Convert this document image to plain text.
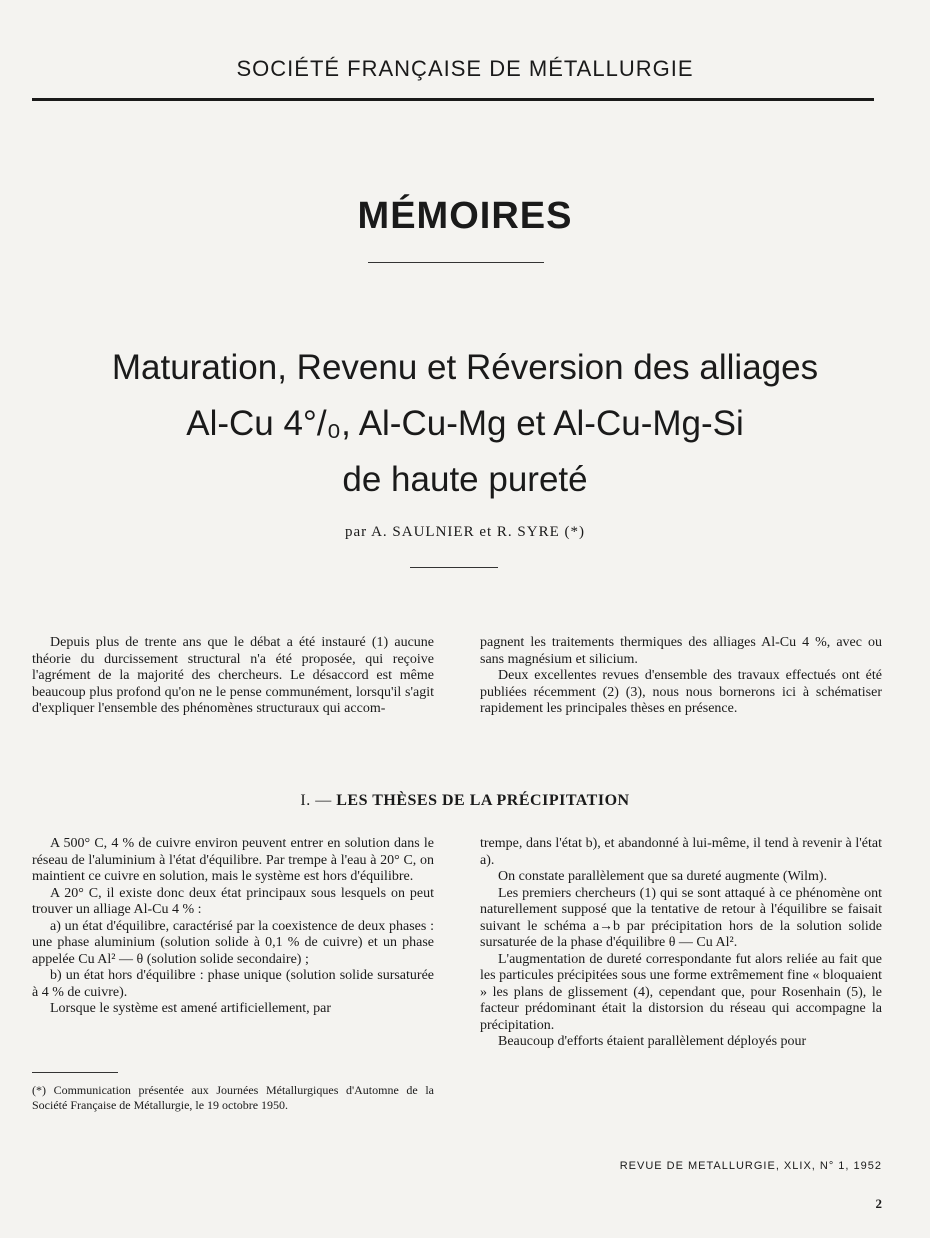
SOCIÉTÉ FRANÇAISE DE MÉTALLURGIE
MÉMOIRES
Maturation, Revenu et Réversion des alliages
Al-Cu 4°/₀, Al-Cu-Mg et Al-Cu-Mg-Si
de haute pureté
par A. SAULNIER et R. SYRE (*)

Depuis plus de trente ans que le débat a été instauré (1) aucune théorie du durcissement structural n'a été proposée, qui reçoive l'agrément de la majorité des chercheurs. Le désaccord est même beaucoup plus profond qu'on ne le pense communément, lorsqu'il s'agit d'expliquer l'ensemble des phénomènes structuraux qui accom-

pagnent les traitements thermiques des alliages Al-Cu 4 %, avec ou sans magnésium et silicium.

Deux excellentes revues d'ensemble des travaux effectués ont été publiées récemment (2) (3), nous nous bornerons ici à schématiser rapidement les principales thèses en présence.

I. — LES THÈSES DE LA PRÉCIPITATION

A 500° C, 4 % de cuivre environ peuvent entrer en solution dans le réseau de l'aluminium à l'état d'équilibre. Par trempe à l'eau à 20° C, on maintient ce cuivre en solution, mais le système est hors d'équilibre.

A 20° C, il existe donc deux état principaux sous lesquels on peut trouver un alliage Al-Cu 4 % :

a) un état d'équilibre, caractérisé par la coexistence de deux phases : une phase aluminium (solution solide à 0,1 % de cuivre) et un phase appelée Cu Al² — θ (solution solide secondaire) ;

b) un état hors d'équilibre : phase unique (solution solide sursaturée à 4 % de cuivre).

Lorsque le système est amené artificiellement, par

trempe, dans l'état b), et abandonné à lui-même, il tend à revenir à l'état a).

On constate parallèlement que sa dureté augmente (Wilm).

Les premiers chercheurs (1) qui se sont attaqué à ce phénomène ont naturellement supposé que la tentative de retour à l'équilibre se faisait suivant le schéma a→b par précipitation hors de la solution solide sursaturée de la phase d'équilibre θ — Cu Al².

L'augmentation de dureté correspondante fut alors reliée au fait que les particules précipitées sous une forme extrêmement fine « bloquaient » les plans de glissement (4), cependant que, pour Rosenhain (5), le facteur prédominant était la distorsion du réseau qui accompagne la précipitation.

Beaucoup d'efforts étaient parallèlement déployés pour

(*) Communication présentée aux Journées Métallurgiques d'Automne de la Société Française de Métallurgie, le 19 octobre 1950.
REVUE DE METALLURGIE, XLIX, N° 1, 1952
2
